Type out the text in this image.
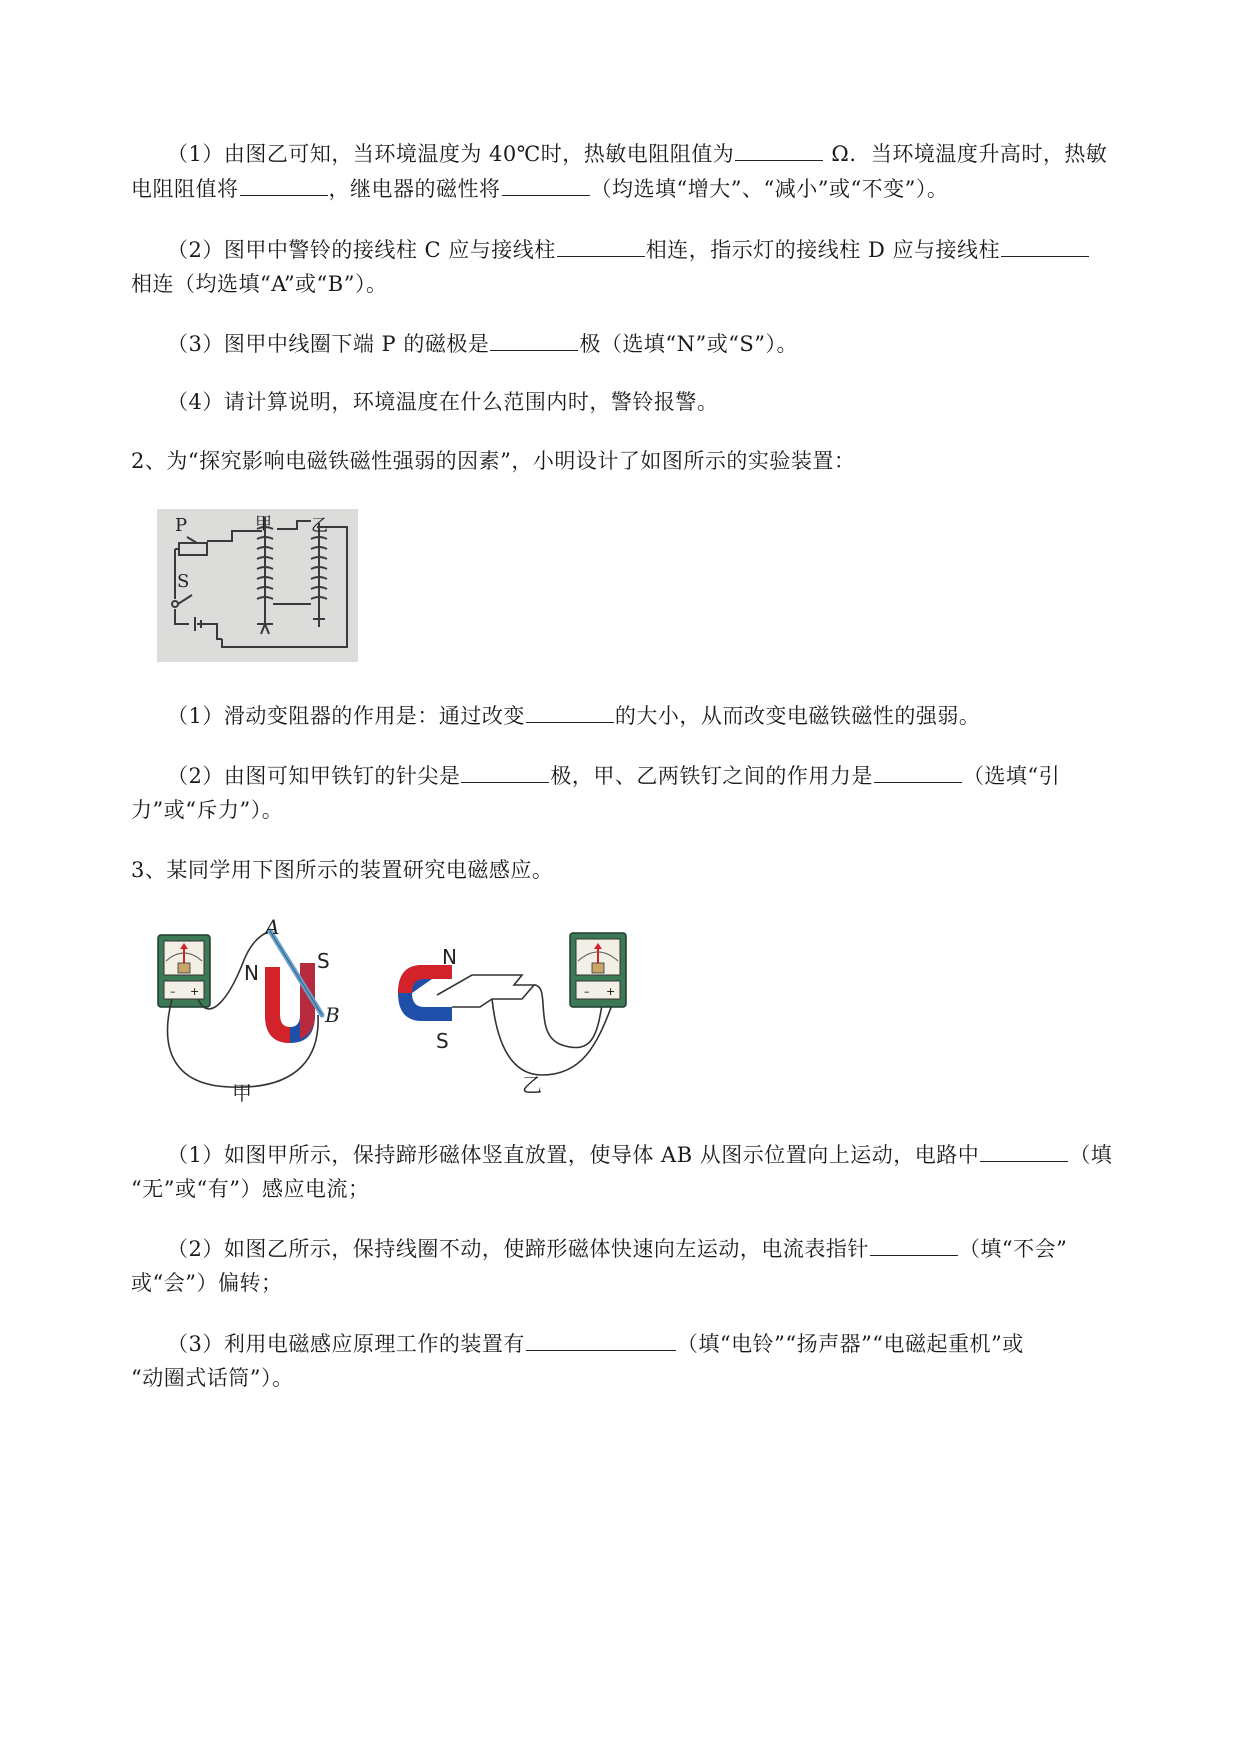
（1）由图乙可知，当环境温度为 40℃时，热敏电阻阻值为	Ω．当环境温度升高时，热敏
电阻阻值将	，继电器的磁性将	（均选填“增大”、“减小”或“不变”）。
（2）图甲中警铃的接线柱 C 应与接线柱	相连，指示灯的接线柱 D 应与接线柱
相连（均选填“A”或“B”）。
（3）图甲中线圈下端 P 的磁极是	极（选填“N”或“S”）。
（4）请计算说明，环境温度在什么范围内时，警铃报警。
2、为“探究影响电磁铁磁性强弱的因素”，小明设计了如图所示的实验装置：
P
S
甲 乙
（1）滑动变阻器的作用是：通过改变	的大小，从而改变电磁铁磁性的强弱。
（2）由图可知甲铁钉的针尖是	极，甲、乙两铁钉之间的作用力是	（选填“引
力”或“斥力”）。
3、某同学用下图所示的装置研究电磁感应。
– +
A
N	S
B
甲
– +
N
S
乙
（1）如图甲所示，保持蹄形磁体竖直放置，使导体 AB 从图示位置向上运动，电路中	（填
“无”或“有”）感应电流；
（2）如图乙所示，保持线圈不动，使蹄形磁体快速向左运动，电流表指针	（填“不会”
或“会”）偏转；
（3）利用电磁感应原理工作的装置有	（填“电铃”“扬声器”“电磁起重机”或
“动圈式话筒”）。
